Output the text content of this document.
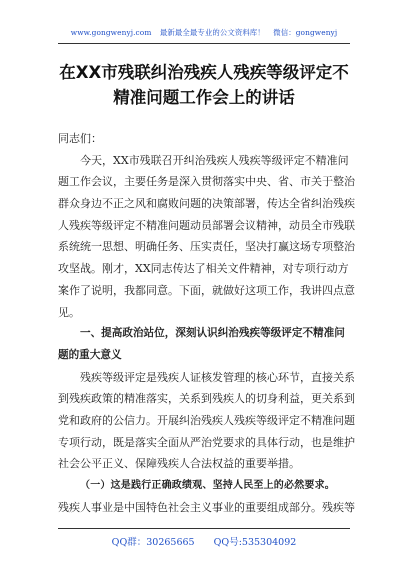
www.gongwenyj.com 最新最全最专业的公文资料库！ 微信：gongwenyj
在XX市残联纠治残疾人残疾等级评定不
精准问题工作会上的讲话
同志们：
今天，XX市残联召开纠治残疾人残疾等级评定不精准问
题工作会议，主要任务是深入贯彻落实中央、省、市关于整治
群众身边不正之风和腐败问题的决策部署，传达全省纠治残疾
人残疾等级评定不精准问题动员部署会议精神，动员全市残联
系统统一思想、明确任务、压实责任，坚决打赢这场专项整治
攻坚战。刚才，XX同志传达了相关文件精神，对专项行动方
案作了说明，我都同意。下面，就做好这项工作，我讲四点意
见。
一、提高政治站位，深刻认识纠治残疾等级评定不精准问
题的重大意义
残疾等级评定是残疾人证核发管理的核心环节，直接关系
到残疾政策的精准落实，关系到残疾人的切身利益，更关系到
党和政府的公信力。开展纠治残疾人残疾等级评定不精准问题
专项行动，既是落实全面从严治党要求的具体行动，也是维护
社会公平正义、保障残疾人合法权益的重要举措。
（一）这是践行正确政绩观、坚持人民至上的必然要求。
残疾人事业是中国特色社会主义事业的重要组成部分。残疾等
QQ群：30265665 QQ号:535304092
